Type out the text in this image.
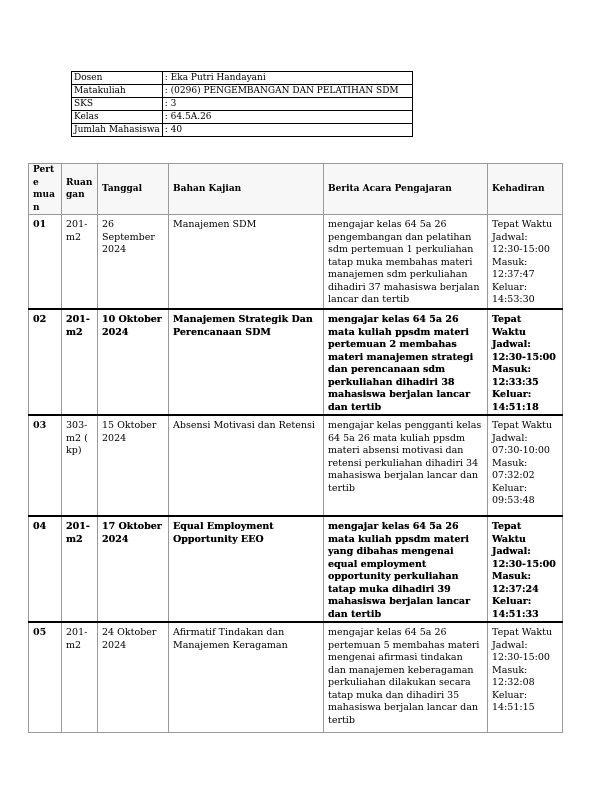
Dosen	: Eka Putri Handayani
Matakuliah	: (0296) PENGEMBANGAN DAN PELATIHAN SDM
SKS	: 3
Kelas	: 64.5A.26
Jumlah Mahasiswa	: 40
Perte muan	Ruan gan	Tanggal	Bahan Kajian	Berita Acara Pengajaran	Kehadiran
01	201-m2	26 September 2024	Manajemen SDM	mengajar kelas 64 5a 26 pengembangan dan pelatihan sdm pertemuan 1 perkuliahan tatap muka membahas materi manajemen sdm perkuliahan dihadiri 37 mahasiswa berjalan lancar dan tertib	Tepat Waktu Jadwal: 12:30-15:00 Masuk: 12:37:47 Keluar: 14:53:30
02	201-m2	10 Oktober 2024	Manajemen Strategik Dan Perencanaan SDM	mengajar kelas 64 5a 26 mata kuliah ppsdm materi pertemuan 2 membahas materi manajemen strategi dan perencanaan sdm perkuliahan dihadiri 38 mahasiswa berjalan lancar dan tertib	Tepat Waktu Jadwal: 12:30-15:00 Masuk: 12:33:35 Keluar: 14:51:18
03	303-m2 ( kp)	15 Oktober 2024	Absensi Motivasi dan Retensi	mengajar kelas pengganti kelas 64 5a 26 mata kuliah ppsdm materi absensi motivasi dan retensi perkuliahan dihadiri 34 mahasiswa berjalan lancar dan tertib	Tepat Waktu Jadwal: 07:30-10:00 Masuk: 07:32:02 Keluar: 09:53:48
04	201-m2	17 Oktober 2024	Equal Employment Opportunity EEO	mengajar kelas 64 5a 26 mata kuliah ppsdm materi yang dibahas mengenai equal employment opportunity perkuliahan tatap muka dihadiri 39 mahasiswa berjalan lancar dan tertib	Tepat Waktu Jadwal: 12:30-15:00 Masuk: 12:37:24 Keluar: 14:51:33
05	201-m2	24 Oktober 2024	Afirmatif Tindakan dan Manajemen Keragaman	mengajar kelas 64 5a 26 pertemuan 5 membahas materi mengenai afirmasi tindakan dan manajemen keberagaman perkuliahan dilakukan secara tatap muka dan dihadiri 35 mahasiswa berjalan lancar dan tertib	Tepat Waktu Jadwal: 12:30-15:00 Masuk: 12:32:08 Keluar: 14:51:15
